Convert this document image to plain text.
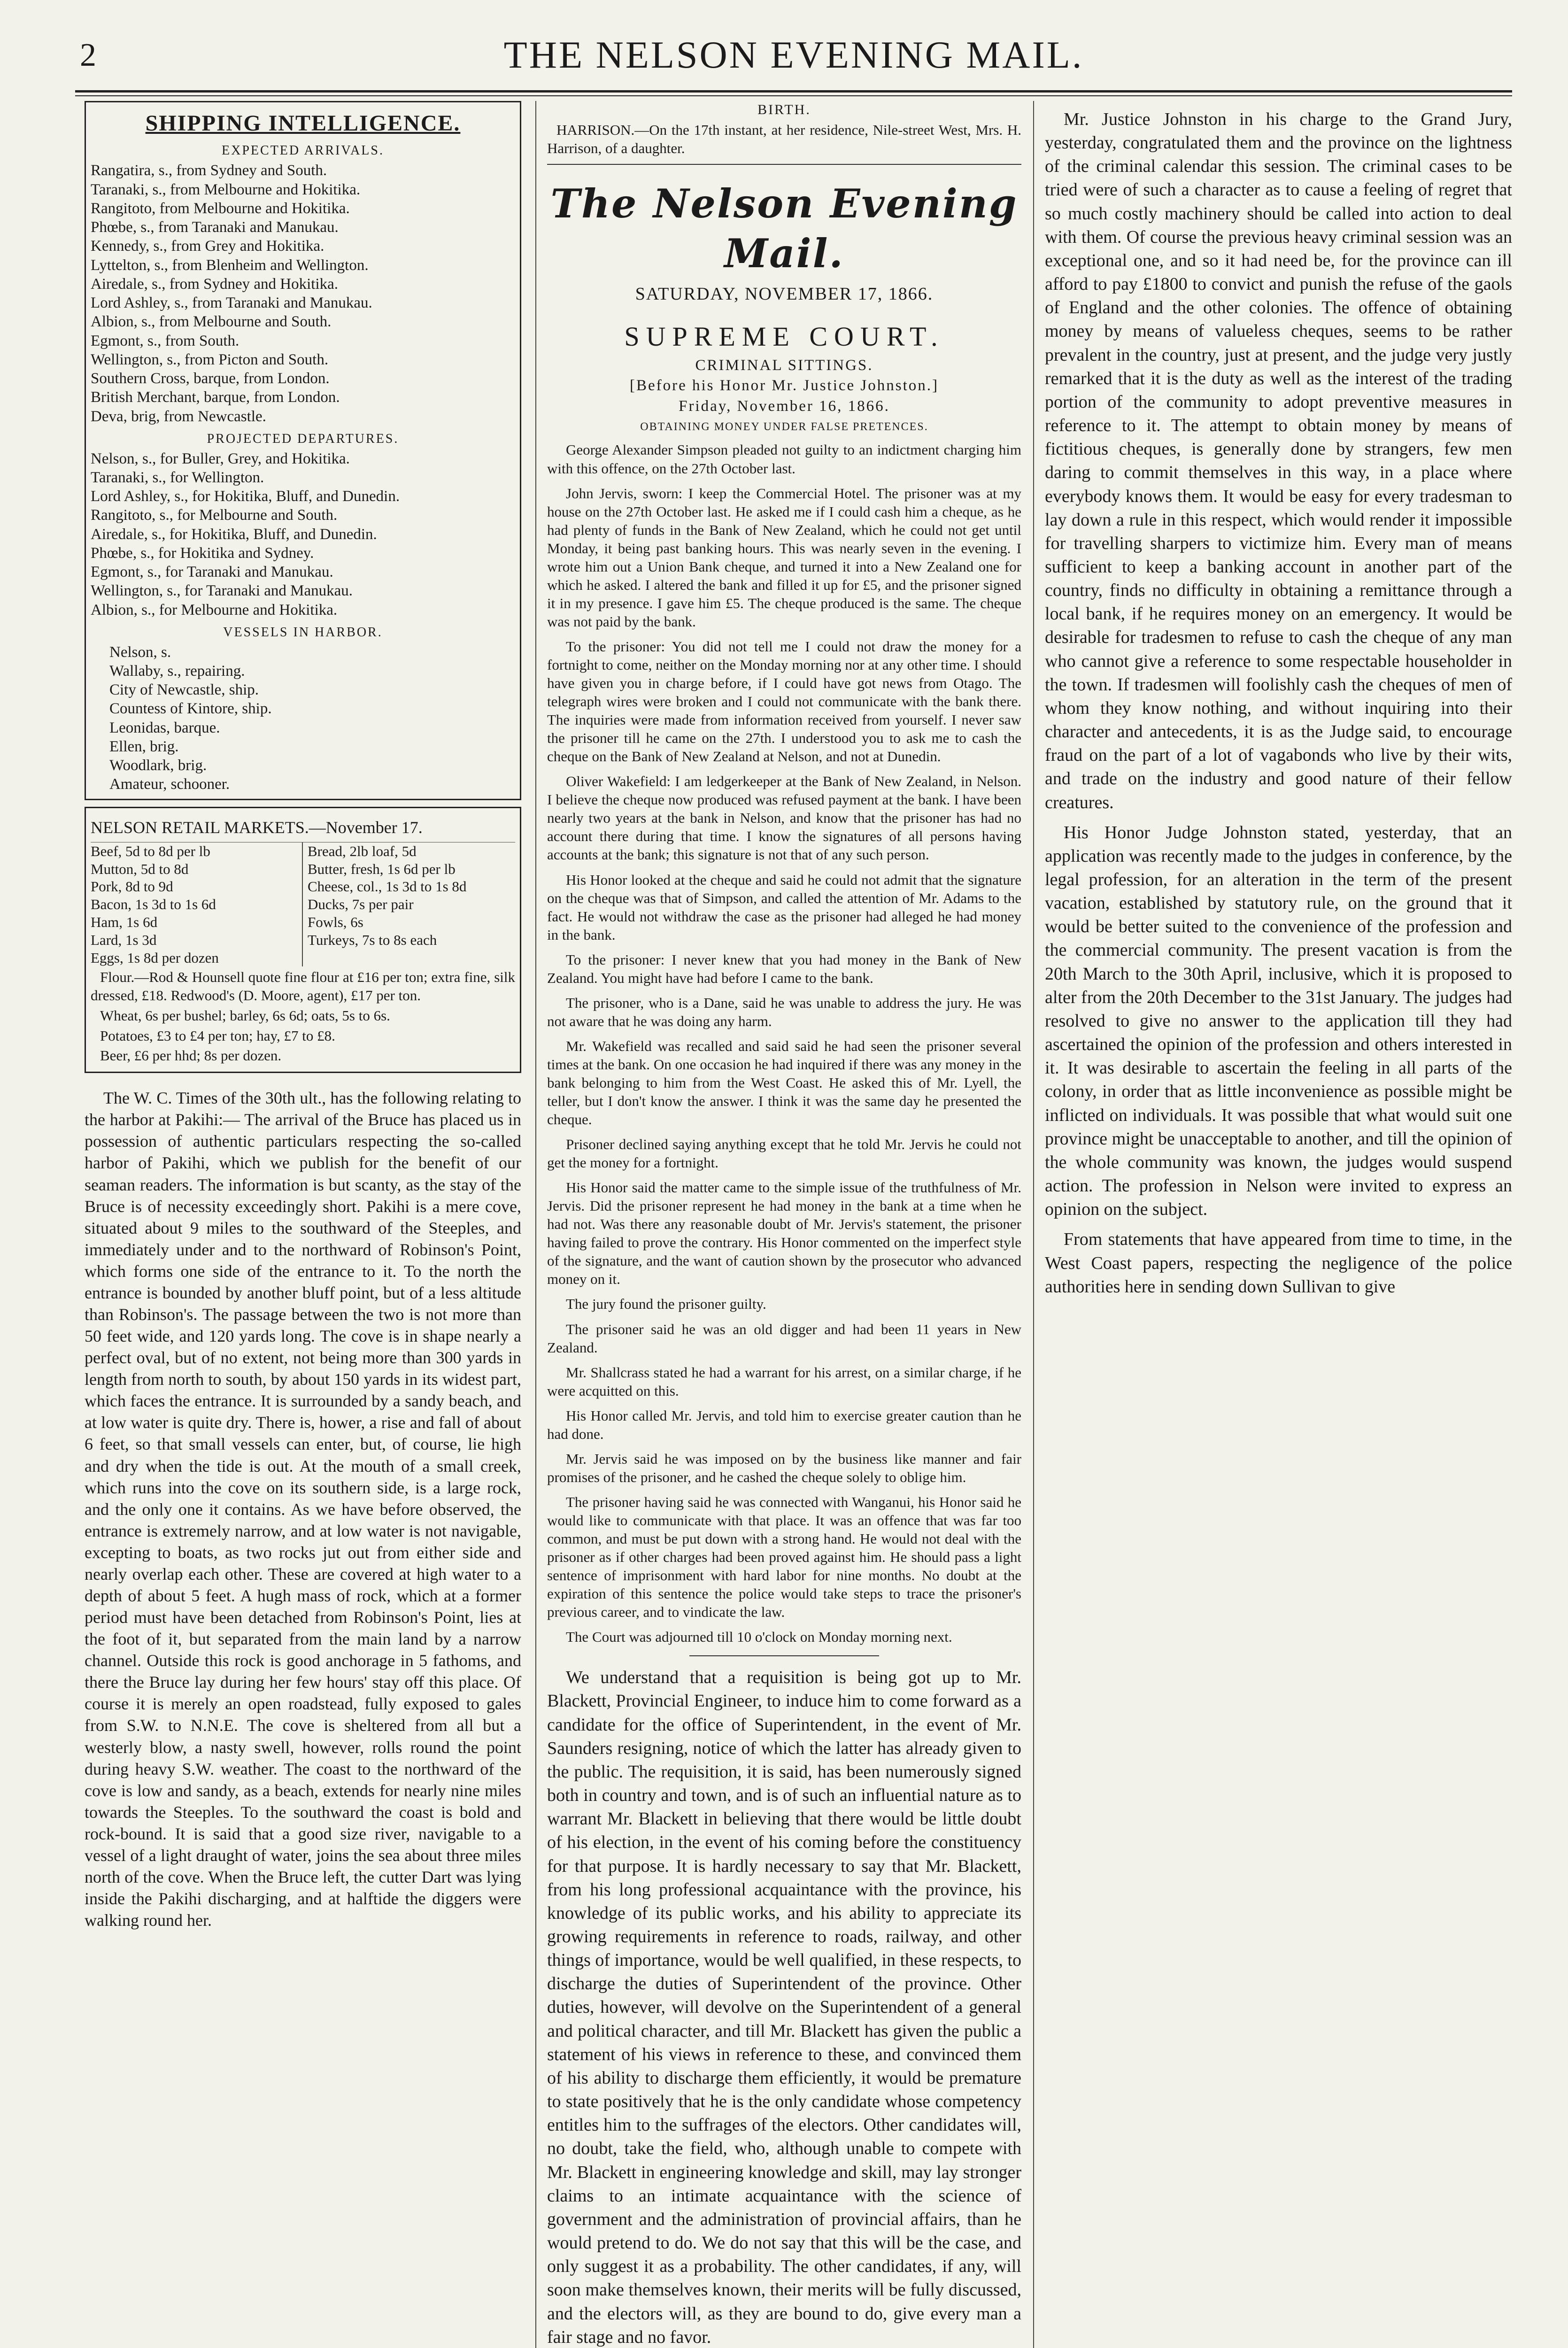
2	THE NELSON EVENING MAIL.
SHIPPING INTELLIGENCE.
EXPECTED ARRIVALS.

Rangatira, s., from Sydney and South.

Taranaki, s., from Melbourne and Hokitika.

Rangitoto, from Melbourne and Hokitika.

Phœbe, s., from Taranaki and Manukau.

Kennedy, s., from Grey and Hokitika.

Lyttelton, s., from Blenheim and Wellington.

Airedale, s., from Sydney and Hokitika.

Lord Ashley, s., from Taranaki and Manukau.

Albion, s., from Melbourne and South.

Egmont, s., from South.

Wellington, s., from Picton and South.

Southern Cross, barque, from London.

British Merchant, barque, from London.

Deva, brig, from Newcastle.

PROJECTED DEPARTURES.

Nelson, s., for Buller, Grey, and Hokitika.

Taranaki, s., for Wellington.

Lord Ashley, s., for Hokitika, Bluff, and Dunedin.

Rangitoto, s., for Melbourne and South.

Airedale, s., for Hokitika, Bluff, and Dunedin.

Phœbe, s., for Hokitika and Sydney.

Egmont, s., for Taranaki and Manukau.

Wellington, s., for Taranaki and Manukau.

Albion, s., for Melbourne and Hokitika.

VESSELS IN HARBOR.

Nelson, s.

Wallaby, s., repairing.

City of Newcastle, ship.

Countess of Kintore, ship.

Leonidas, barque.

Ellen, brig.

Woodlark, brig.

Amateur, schooner.

NELSON RETAIL MARKETS.—November 17.

Beef, 5d to 8d per lb

Mutton, 5d to 8d

Pork, 8d to 9d

Bacon, 1s 3d to 1s 6d

Ham, 1s 6d

Lard, 1s 3d

Eggs, 1s 8d per dozen

Bread, 2lb loaf, 5d

Butter, fresh, 1s 6d per lb

Cheese, col., 1s 3d to 1s 8d

Ducks, 7s per pair

Fowls, 6s

Turkeys, 7s to 8s each

Flour.—Rod & Hounsell quote fine flour at £16 per ton; extra fine, silk dressed, £18. Redwood's (D. Moore, agent), £17 per ton.

Wheat, 6s per bushel; barley, 6s 6d; oats, 5s to 6s.

Potatoes, £3 to £4 per ton; hay, £7 to £8.

Beer, £6 per hhd; 8s per dozen.

The W. C. Times of the 30th ult., has the following relating to the harbor at Pakihi:— The arrival of the Bruce has placed us in possession of authentic particulars respecting the so-called harbor of Pakihi, which we publish for the benefit of our seaman readers. The information is but scanty, as the stay of the Bruce is of necessity exceedingly short. Pakihi is a mere cove, situated about 9 miles to the southward of the Steeples, and immediately under and to the northward of Robinson's Point, which forms one side of the entrance to it. To the north the entrance is bounded by another bluff point, but of a less altitude than Robinson's. The passage between the two is not more than 50 feet wide, and 120 yards long. The cove is in shape nearly a perfect oval, but of no extent, not being more than 300 yards in length from north to south, by about 150 yards in its widest part, which faces the entrance. It is surrounded by a sandy beach, and at low water is quite dry. There is, hower, a rise and fall of about 6 feet, so that small vessels can enter, but, of course, lie high and dry when the tide is out. At the mouth of a small creek, which runs into the cove on its southern side, is a large rock, and the only one it contains. As we have before observed, the entrance is extremely narrow, and at low water is not navigable, excepting to boats, as two rocks jut out from either side and nearly overlap each other. These are covered at high water to a depth of about 5 feet. A hugh mass of rock, which at a former period must have been detached from Robinson's Point, lies at the foot of it, but separated from the main land by a narrow channel. Outside this rock is good anchorage in 5 fathoms, and there the Bruce lay during her few hours' stay off this place. Of course it is merely an open roadstead, fully exposed to gales from S.W. to N.N.E. The cove is sheltered from all but a westerly blow, a nasty swell, however, rolls round the point during heavy S.W. weather. The coast to the northward of the cove is low and sandy, as a beach, extends for nearly nine miles towards the Steeples. To the southward the coast is bold and rock-bound. It is said that a good size river, navigable to a vessel of a light draught of water, joins the sea about three miles north of the cove. When the Bruce left, the cutter Dart was lying inside the Pakihi discharging, and at halftide the diggers were walking round her.

BIRTH.

HARRISON.—On the 17th instant, at her residence, Nile-street West, Mrs. H. Harrison, of a daughter.

The Nelson Evening Mail.
SATURDAY, NOVEMBER 17, 1866.
SUPREME COURT.
CRIMINAL SITTINGS.
[Before his Honor Mr. Justice Johnston.]
Friday, November 16, 1866.
OBTAINING MONEY UNDER FALSE PRETENCES.

George Alexander Simpson pleaded not guilty to an indictment charging him with this offence, on the 27th October last.

John Jervis, sworn: I keep the Commercial Hotel. The prisoner was at my house on the 27th October last. He asked me if I could cash him a cheque, as he had plenty of funds in the Bank of New Zealand, which he could not get until Monday, it being past banking hours. This was nearly seven in the evening. I wrote him out a Union Bank cheque, and turned it into a New Zealand one for which he asked. I altered the bank and filled it up for £5, and the prisoner signed it in my presence. I gave him £5. The cheque produced is the same. The cheque was not paid by the bank.

To the prisoner: You did not tell me I could not draw the money for a fortnight to come, neither on the Monday morning nor at any other time. I should have given you in charge before, if I could have got news from Otago. The telegraph wires were broken and I could not communicate with the bank there. The inquiries were made from information received from yourself. I never saw the prisoner till he came on the 27th. I understood you to ask me to cash the cheque on the Bank of New Zealand at Nelson, and not at Dunedin.

Oliver Wakefield: I am ledgerkeeper at the Bank of New Zealand, in Nelson. I believe the cheque now produced was refused payment at the bank. I have been nearly two years at the bank in Nelson, and know that the prisoner has had no account there during that time. I know the signatures of all persons having accounts at the bank; this signature is not that of any such person.

His Honor looked at the cheque and said he could not admit that the signature on the cheque was that of Simpson, and called the attention of Mr. Adams to the fact. He would not withdraw the case as the prisoner had alleged he had money in the bank.

To the prisoner: I never knew that you had money in the Bank of New Zealand. You might have had before I came to the bank.

The prisoner, who is a Dane, said he was unable to address the jury. He was not aware that he was doing any harm.

Mr. Wakefield was recalled and said said he had seen the prisoner several times at the bank. On one occasion he had inquired if there was any money in the bank belonging to him from the West Coast. He asked this of Mr. Lyell, the teller, but I don't know the answer. I think it was the same day he presented the cheque.

Prisoner declined saying anything except that he told Mr. Jervis he could not get the money for a fortnight.

His Honor said the matter came to the simple issue of the truthfulness of Mr. Jervis. Did the prisoner represent he had money in the bank at a time when he had not. Was there any reasonable doubt of Mr. Jervis's statement, the prisoner having failed to prove the contrary. His Honor commented on the imperfect style of the signature, and the want of caution shown by the prosecutor who advanced money on it.

The jury found the prisoner guilty.

The prisoner said he was an old digger and had been 11 years in New Zealand.

Mr. Shallcrass stated he had a warrant for his arrest, on a similar charge, if he were acquitted on this.

His Honor called Mr. Jervis, and told him to exercise greater caution than he had done.

Mr. Jervis said he was imposed on by the business like manner and fair promises of the prisoner, and he cashed the cheque solely to oblige him.

The prisoner having said he was connected with Wanganui, his Honor said he would like to communicate with that place. It was an offence that was far too common, and must be put down with a strong hand. He would not deal with the prisoner as if other charges had been proved against him. He should pass a light sentence of imprisonment with hard labor for nine months. No doubt at the expiration of this sentence the police would take steps to trace the prisoner's previous career, and to vindicate the law.

The Court was adjourned till 10 o'clock on Monday morning next.

We understand that a requisition is being got up to Mr. Blackett, Provincial Engineer, to induce him to come forward as a candidate for the office of Superintendent, in the event of Mr. Saunders resigning, notice of which the latter has already given to the public. The requisition, it is said, has been numerously signed both in country and town, and is of such an influential nature as to warrant Mr. Blackett in believing that there would be little doubt of his election, in the event of his coming before the constituency for that purpose. It is hardly necessary to say that Mr. Blackett, from his long professional acquaintance with the province, his knowledge of its public works, and his ability to appreciate its growing requirements in reference to roads, railway, and other things of importance, would be well qualified, in these respects, to discharge the duties of Superintendent of the province. Other duties, however, will devolve on the Superintendent of a general and political character, and till Mr. Blackett has given the public a statement of his views in reference to these, and convinced them of his ability to discharge them efficiently, it would be premature to state positively that he is the only candidate whose competency entitles him to the suffrages of the electors. Other candidates will, no doubt, take the field, who, although unable to compete with Mr. Blackett in engineering knowledge and skill, may lay stronger claims to an intimate acquaintance with the science of government and the administration of provincial affairs, than he would pretend to do. We do not say that this will be the case, and only suggest it as a probability. The other candidates, if any, will soon make themselves known, their merits will be fully discussed, and the electors will, as they are bound to do, give every man a fair stage and no favor.

Mr. Justice Johnston in his charge to the Grand Jury, yesterday, congratulated them and the province on the lightness of the criminal calendar this session. The criminal cases to be tried were of such a character as to cause a feeling of regret that so much costly machinery should be called into action to deal with them. Of course the previous heavy criminal session was an exceptional one, and so it had need be, for the province can ill afford to pay £1800 to convict and punish the refuse of the gaols of England and the other colonies. The offence of obtaining money by means of valueless cheques, seems to be rather prevalent in the country, just at present, and the judge very justly remarked that it is the duty as well as the interest of the trading portion of the community to adopt preventive measures in reference to it. The attempt to obtain money by means of fictitious cheques, is generally done by strangers, few men daring to commit themselves in this way, in a place where everybody knows them. It would be easy for every tradesman to lay down a rule in this respect, which would render it impossible for travelling sharpers to victimize him. Every man of means sufficient to keep a banking account in another part of the country, finds no difficulty in obtaining a remittance through a local bank, if he requires money on an emergency. It would be desirable for tradesmen to refuse to cash the cheque of any man who cannot give a reference to some respectable householder in the town. If tradesmen will foolishly cash the cheques of men of whom they know nothing, and without inquiring into their character and antecedents, it is as the Judge said, to encourage fraud on the part of a lot of vagabonds who live by their wits, and trade on the industry and good nature of their fellow creatures.

His Honor Judge Johnston stated, yesterday, that an application was recently made to the judges in conference, by the legal profession, for an alteration in the term of the present vacation, established by statutory rule, on the ground that it would be better suited to the convenience of the profession and the commercial community. The present vacation is from the 20th March to the 30th April, inclusive, which it is proposed to alter from the 20th December to the 31st January. The judges had resolved to give no answer to the application till they had ascertained the opinion of the profession and others interested in it. It was desirable to ascertain the feeling in all parts of the colony, in order that as little inconvenience as possible might be inflicted on individuals. It was possible that what would suit one province might be unacceptable to another, and till the opinion of the whole community was known, the judges would suspend action. The profession in Nelson were invited to express an opinion on the subject.

From statements that have appeared from time to time, in the West Coast papers, respecting the negligence of the police authorities here in sending down Sullivan to give
